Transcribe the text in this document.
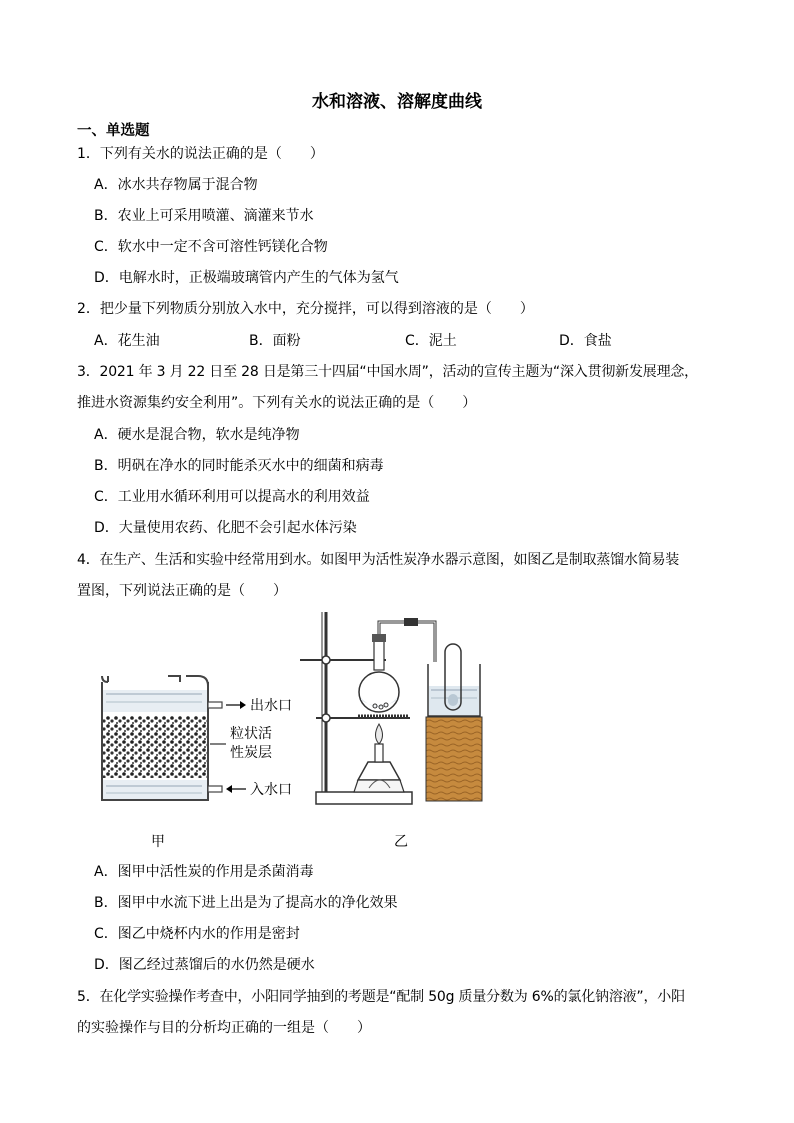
水和溶液、溶解度曲线
一、单选题
1．下列有关水的说法正确的是（　　）
A．冰水共存物属于混合物
B．农业上可采用喷灌、滴灌来节水
C．软水中一定不含可溶性钙镁化合物
D．电解水时，正极端玻璃管内产生的气体为氢气
2．把少量下列物质分别放入水中，充分搅拌，可以得到溶液的是（　　）
A．花生油	B．面粉	C．泥土	D．食盐
3．2021 年 3 月 22 日至 28 日是第三十四届“中国水周”，活动的宣传主题为“深入贯彻新发展理念，
推进水资源集约安全利用”。下列有关水的说法正确的是（　　）
A．硬水是混合物，软水是纯净物
B．明矾在净水的同时能杀灭水中的细菌和病毒
C．工业用水循环利用可以提高水的利用效益
D．大量使用农药、化肥不会引起水体污染
4．在生产、生活和实验中经常用到水。如图甲为活性炭净水器示意图，如图乙是制取蒸馏水简易装
置图，下列说法正确的是（　　）
出水口
粒状活
性炭层
入水口
甲	乙
A．图甲中活性炭的作用是杀菌消毒
B．图甲中水流下进上出是为了提高水的净化效果
C．图乙中烧杯内水的作用是密封
D．图乙经过蒸馏后的水仍然是硬水
5．在化学实验操作考查中，小阳同学抽到的考题是“配制 50g 质量分数为 6%的氯化钠溶液”，小阳
的实验操作与目的分析均正确的一组是（　　）
